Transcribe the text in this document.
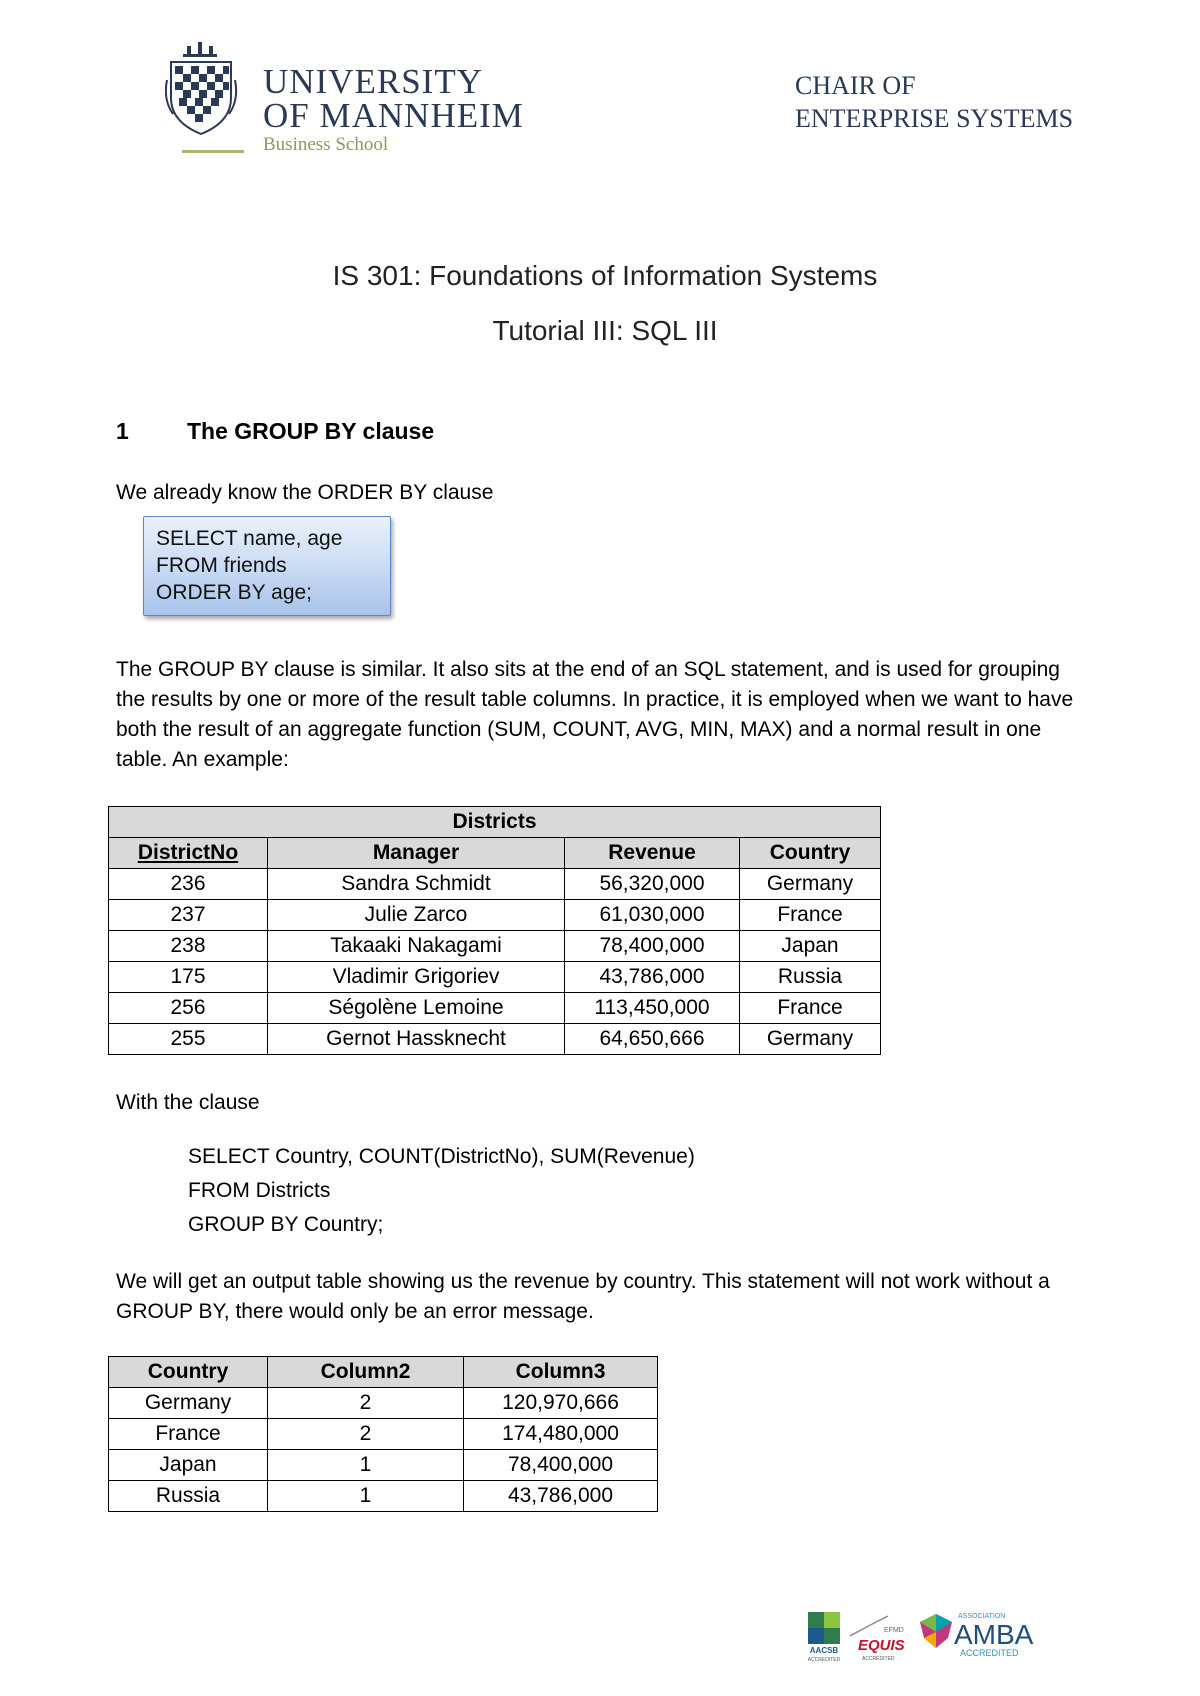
UNIVERSITY
OF MANNHEIM
Business School
CHAIR OF
ENTERPRISE SYSTEMS
IS 301: Foundations of Information Systems
Tutorial III: SQL III
1	The GROUP BY clause
We already know the ORDER BY clause
SELECT name, age
FROM friends
ORDER BY age;
The GROUP BY clause is similar. It also sits at the end of an SQL statement, and is used for grouping the results by one or more of the result table columns. In practice, it is employed when we want to have both the result of an aggregate function (SUM, COUNT, AVG, MIN, MAX) and a normal result in one table. An example:
Districts			
DistrictNo	Manager	Revenue	Country
236	Sandra Schmidt	56,320,000	Germany
237	Julie Zarco	61,030,000	France
238	Takaaki Nakagami	78,400,000	Japan
175	Vladimir Grigoriev	43,786,000	Russia
256	Ségolène Lemoine	113,450,000	France
255	Gernot Hassknecht	64,650,666	Germany
With the clause
SELECT Country, COUNT(DistrictNo), SUM(Revenue)
FROM Districts
GROUP BY Country;
We will get an output table showing us the revenue by country. This statement will not work without a GROUP BY, there would only be an error message.
Country	Column2	Column3
Germany	2	120,970,666
France	2	174,480,000
Japan	1	78,400,000
Russia	1	43,786,000
AACSB
ACCREDITED
EFMD
EQUIS
ACCREDITED
ASSOCIATION
AMBA
ACCREDITED
